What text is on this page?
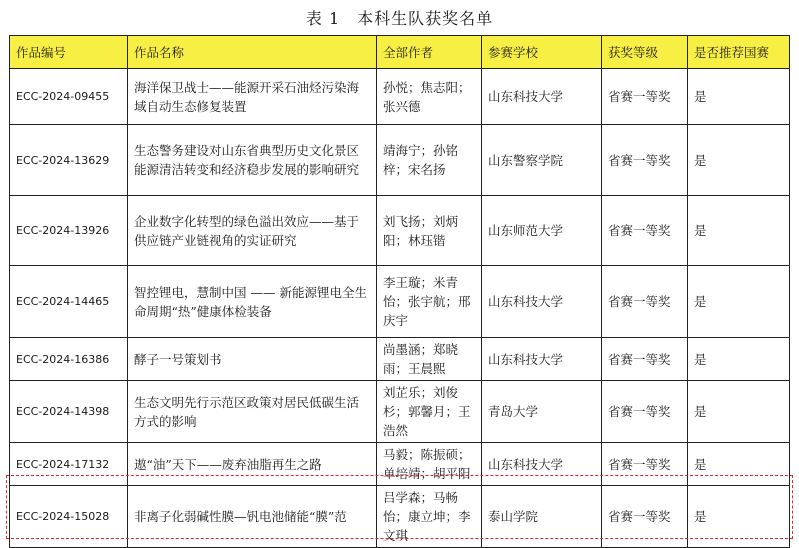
表 1　本科生队获奖名单
作品编号	作品名称	全部作者	参赛学校	获奖等级	是否推荐国赛
ECC-2024-09455	海洋保卫战士——能源开采石油烃污染海域自动生态修复装置	孙悦；焦志阳；张兴德	山东科技大学	省赛一等奖	是
ECC-2024-13629	生态警务建设对山东省典型历史文化景区能源清洁转变和经济稳步发展的影响研究	靖海宁；孙铭梓；宋名扬	山东警察学院	省赛一等奖	是
ECC-2024-13926	企业数字化转型的绿色溢出效应——基于供应链产业链视角的实证研究	刘飞扬；刘炳阳；林珏锴	山东师范大学	省赛一等奖	是
ECC-2024-14465	智控锂电，慧制中国 —— 新能源锂电全生命周期“热”健康体检装备	李王璇；米青怡；张宇航；邢庆宇	山东科技大学	省赛一等奖	是
ECC-2024-16386	酵子一号策划书	尚墨涵；郑晓雨；王晨熙	山东科技大学	省赛一等奖	是
ECC-2024-14398	生态文明先行示范区政策对居民低碳生活方式的影响	刘芷乐；刘俊杉；郭馨月；王浩然	青岛大学	省赛一等奖	是
ECC-2024-17132	遨“油”天下——废弃油脂再生之路	马毅；陈振硕；单培靖；胡平阳	山东科技大学	省赛一等奖	是
ECC-2024-15028	非离子化弱碱性膜—钒电池储能“膜”范	吕学森；马畅怡；康立坤；李文琪	泰山学院	省赛一等奖	是
